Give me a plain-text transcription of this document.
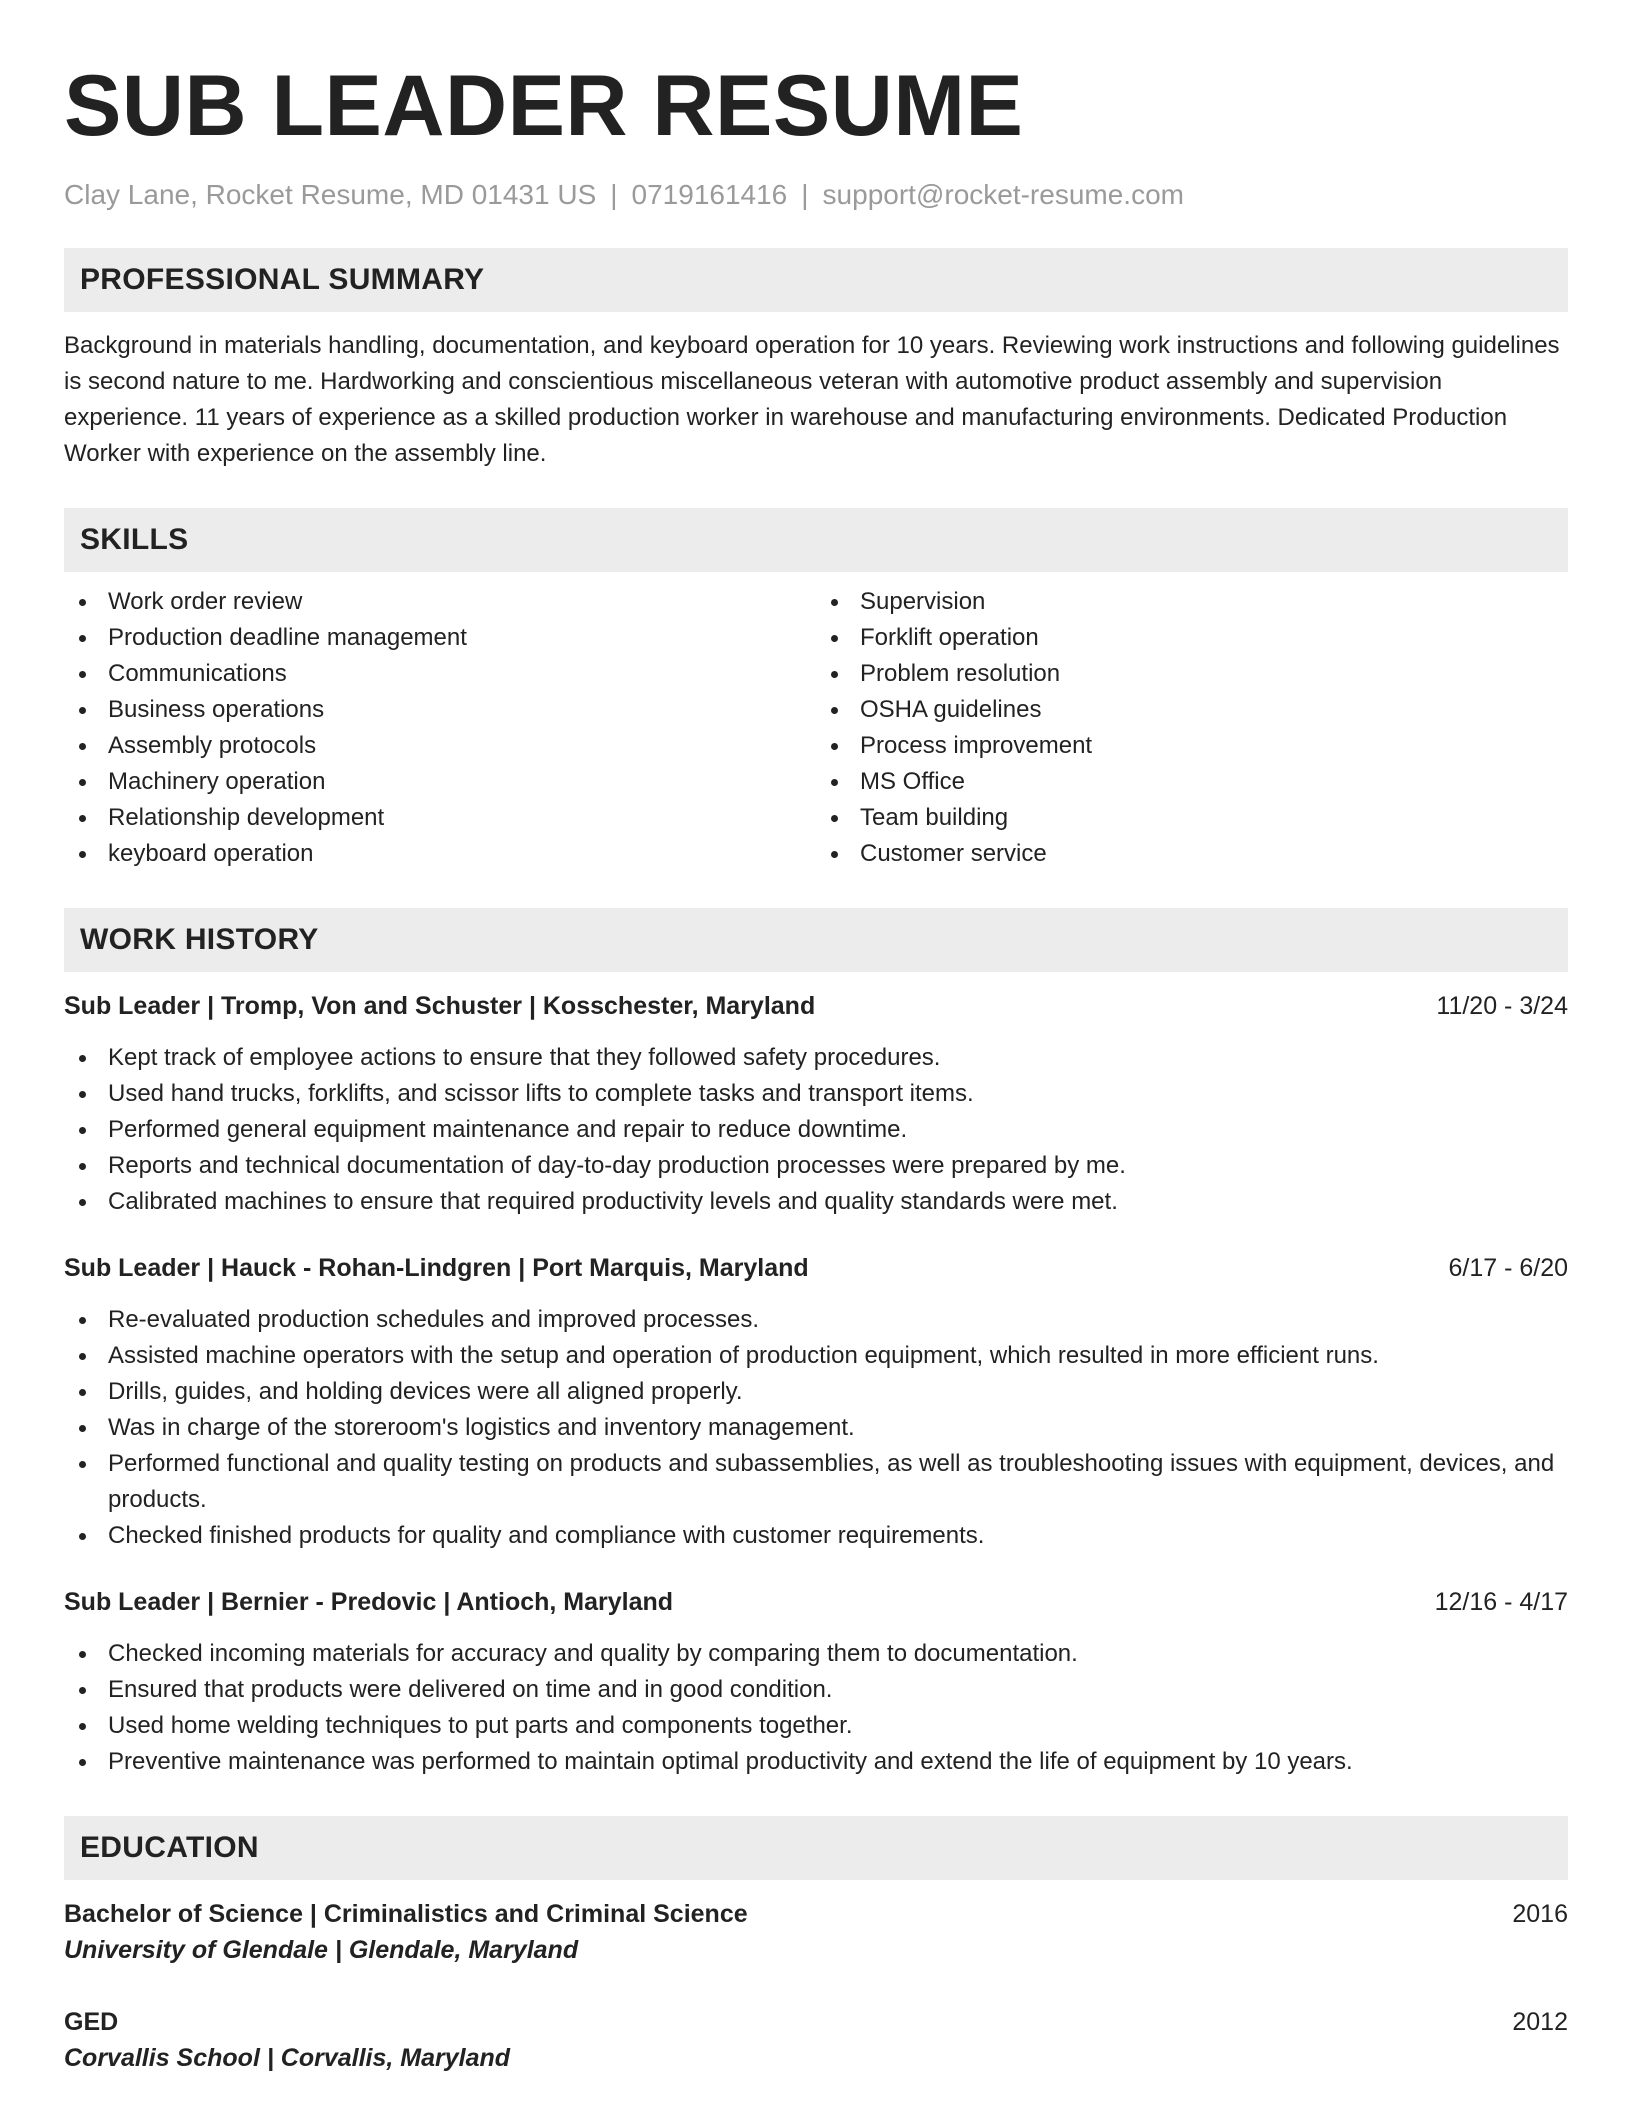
SUB LEADER RESUME
Clay Lane, Rocket Resume, MD 01431 US | 0719161416 | support@rocket-resume.com
PROFESSIONAL SUMMARY
Background in materials handling, documentation, and keyboard operation for 10 years. Reviewing work instructions and following guidelines is second nature to me. Hardworking and conscientious miscellaneous veteran with automotive product assembly and supervision experience. 11 years of experience as a skilled production worker in warehouse and manufacturing environments. Dedicated Production Worker with experience on the assembly line.
SKILLS
Work order review
Production deadline management
Communications
Business operations
Assembly protocols
Machinery operation
Relationship development
keyboard operation
Supervision
Forklift operation
Problem resolution
OSHA guidelines
Process improvement
MS Office
Team building
Customer service
WORK HISTORY
Sub Leader | Tromp, Von and Schuster | Kosschester, Maryland	11/20 - 3/24
Kept track of employee actions to ensure that they followed safety procedures.
Used hand trucks, forklifts, and scissor lifts to complete tasks and transport items.
Performed general equipment maintenance and repair to reduce downtime.
Reports and technical documentation of day-to-day production processes were prepared by me.
Calibrated machines to ensure that required productivity levels and quality standards were met.
Sub Leader | Hauck - Rohan-Lindgren | Port Marquis, Maryland	6/17 - 6/20
Re-evaluated production schedules and improved processes.
Assisted machine operators with the setup and operation of production equipment, which resulted in more efficient runs.
Drills, guides, and holding devices were all aligned properly.
Was in charge of the storeroom's logistics and inventory management.
Performed functional and quality testing on products and subassemblies, as well as troubleshooting issues with equipment, devices, and products.
Checked finished products for quality and compliance with customer requirements.
Sub Leader | Bernier - Predovic | Antioch, Maryland	12/16 - 4/17
Checked incoming materials for accuracy and quality by comparing them to documentation.
Ensured that products were delivered on time and in good condition.
Used home welding techniques to put parts and components together.
Preventive maintenance was performed to maintain optimal productivity and extend the life of equipment by 10 years.
EDUCATION
Bachelor of Science | Criminalistics and Criminal Science	2016
University of Glendale | Glendale, Maryland
GED	2012
Corvallis School | Corvallis, Maryland
